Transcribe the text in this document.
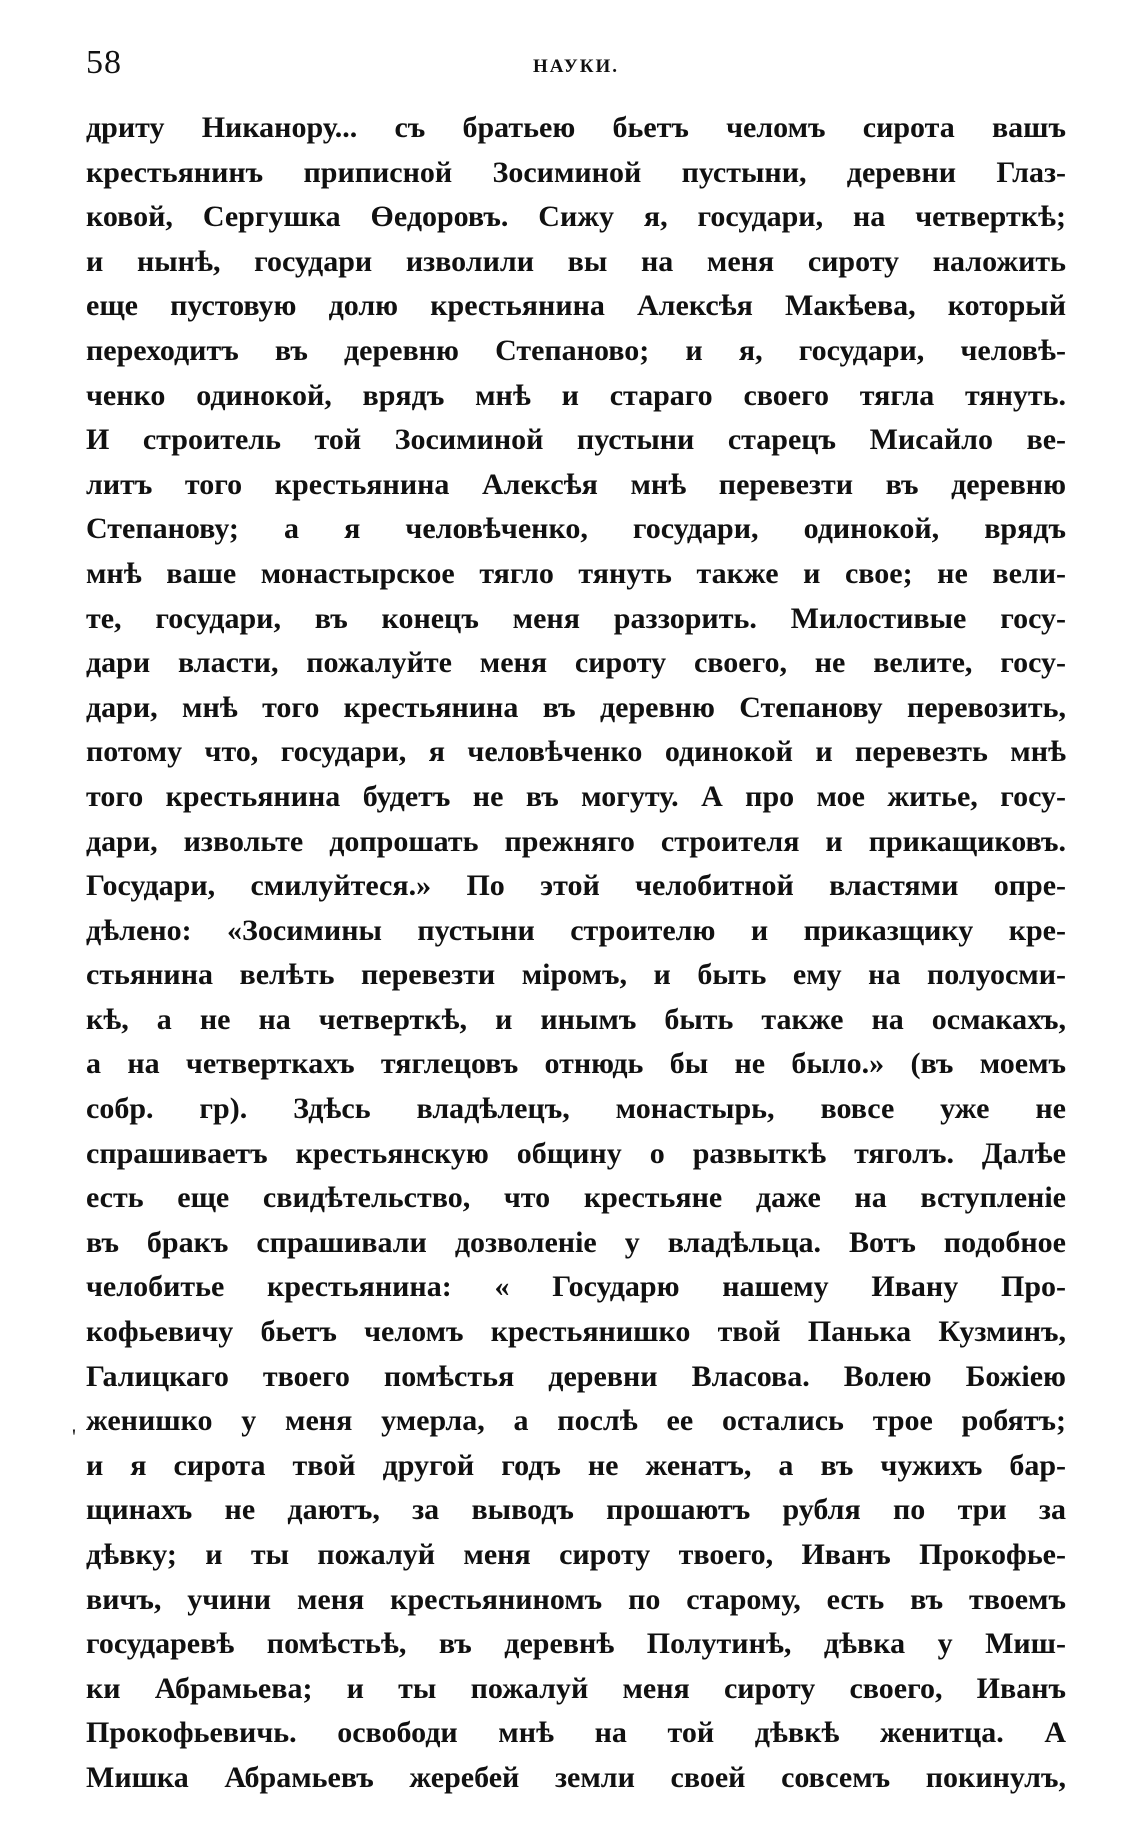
58	НАУКИ.
'
дриту Никанору... съ братьею бьетъ челомъ сирота вашъ
крестьянинъ приписной Зосиминой пустыни, деревни Глаз-
ковой, Сергушка Өедоровъ. Сижу я, государи, на четверткѣ;
и нынѣ, государи изволили вы на меня сироту наложить
еще пустовую долю крестьянина Алексѣя Макѣева, который
переходитъ въ деревню Степаново; и я, государи, человѣ-
ченко одинокой, врядъ мнѣ и стараго своего тягла тянуть.
И строитель той Зосиминой пустыни старецъ Мисайло ве-
литъ того крестьянина Алексѣя мнѣ перевезти въ деревню
Степанову; а я человѣченко, государи, одинокой, врядъ
мнѣ ваше монастырское тягло тянуть также и свое; не вели-
те, государи, въ конецъ меня раззорить. Милостивые госу-
дари власти, пожалуйте меня сироту своего, не велите, госу-
дари, мнѣ того крестьянина въ деревню Степанову перевозить,
потому что, государи, я человѣченко одинокой и перевезть мнѣ
того крестьянина будетъ не въ могуту. А про мое житье, госу-
дари, извольте допрошать прежняго строителя и прикащиковъ.
Государи, смилуйтеся.» По этой челобитной властями опре-
дѣлено: «Зосимины пустыни строителю и приказщику кре-
стьянина велѣть перевезти міромъ, и быть ему на полуосми-
кѣ, а не на четверткѣ, и инымъ быть также на осмакахъ,
а на четверткахъ тяглецовъ отнюдь бы не было.» (въ моемъ
собр. гр). Здѣсь владѣлецъ, монастырь, вовсе уже не
спрашиваетъ крестьянскую общину о развыткѣ тяголъ. Далѣе
есть еще свидѣтельство, что крестьяне даже на вступленіе
въ бракъ спрашивали дозволеніе у владѣльца. Вотъ подобное
челобитье крестьянина: « Государю нашему Ивану Про-
кофьевичу бьетъ челомъ крестьянишко твой Панька Кузминъ,
Галицкаго твоего помѣстья деревни Власова. Волею Божіею
женишко у меня умерла, а послѣ ее остались трое робятъ;
и я сирота твой другой годъ не женатъ, а въ чужихъ бар-
щинахъ не даютъ, за выводъ прошаютъ рубля по три за
дѣвку; и ты пожалуй меня сироту твоего, Иванъ Прокофье-
вичъ, учини меня крестьяниномъ по старому, есть въ твоемъ
государевѣ помѣстьѣ, въ деревнѣ Полутинѣ, дѣвка у Миш-
ки Абрамьева; и ты пожалуй меня сироту своего, Иванъ
Прокофьевичь. освободи мнѣ на той дѣвкѣ женитца. А
Мишка Абрамьевъ жеребей земли своей совсемъ покинулъ,
